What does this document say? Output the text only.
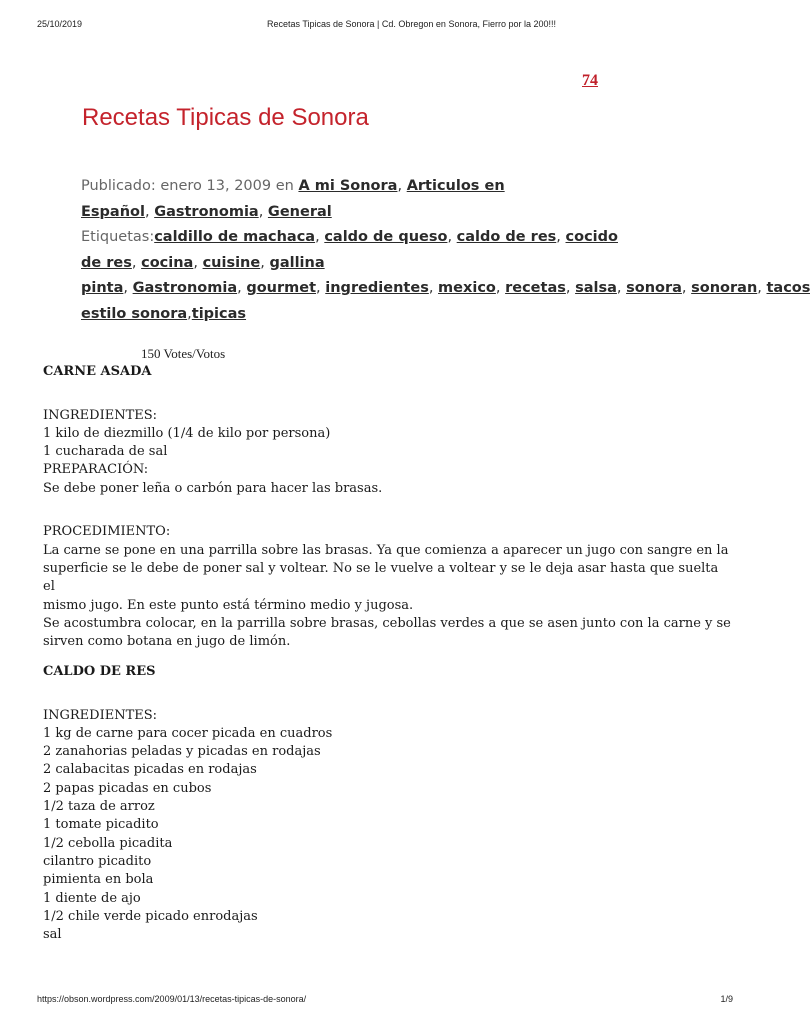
25/10/2019	Recetas Tipicas de Sonora | Cd. Obregon en Sonora, Fierro por la 200!!!
74
Recetas Tipicas de Sonora
Publicado: enero 13, 2009 en A mi Sonora, Articulos en
Español, Gastronomia, General
Etiquetas:caldillo de machaca, caldo de queso, caldo de res, cocido
de res, cocina, cuisine, gallina
pinta, Gastronomia, gourmet, ingredientes, mexico, recetas, salsa, sonora, sonoran, tacos
estilo sonora,tipicas
150 Votes/Votos

CARNE ASADA

INGREDIENTES:

1 kilo de diezmillo (1/4 de kilo por persona)

1 cucharada de sal

PREPARACIÓN:

Se debe poner leña o carbón para hacer las brasas.

PROCEDIMIENTO:

La carne se pone en una parrilla sobre las brasas. Ya que comienza a aparecer un jugo con sangre en la

superficie se le debe de poner sal y voltear. No se le vuelve a voltear y se le deja asar hasta que suelta el

mismo jugo. En este punto está término medio y jugosa.

Se acostumbra colocar, en la parrilla sobre brasas, cebollas verdes a que se asen junto con la carne y se

sirven como botana en jugo de limón.

CALDO DE RES

INGREDIENTES:

1 kg de carne para cocer picada en cuadros

2 zanahorias peladas y picadas en rodajas

2 calabacitas picadas en rodajas

2 papas picadas en cubos

1/2 taza de arroz

1 tomate picadito

1/2 cebolla picadita

cilantro picadito

pimienta en bola

1 diente de ajo

1/2 chile verde picado enrodajas

sal

https://obson.wordpress.com/2009/01/13/recetas-tipicas-de-sonora/	1/9
